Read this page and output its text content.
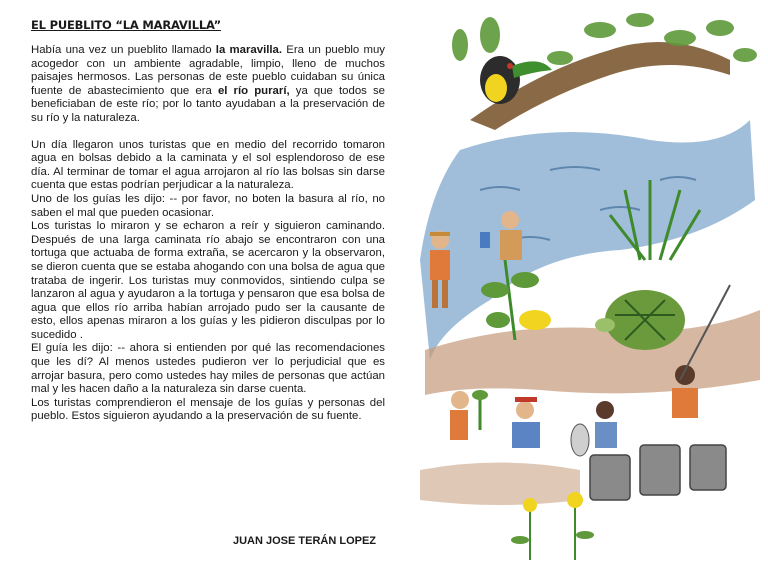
EL PUEBLITO “LA MARAVILLA”

Había una vez un pueblito llamado la maravilla. Era un pueblo muy acogedor con un ambiente agradable, limpio, lleno de muchos paisajes hermosos. Las personas de este pueblo cuidaban su única fuente de abastecimiento que era el río purarí, ya que todos se beneficiaban de este río; por lo tanto ayudaban a la preservación de su río y la naturaleza.

Un día llegaron unos turistas que en medio del recorrido tomaron agua en bolsas debido a la caminata y el sol esplendoroso de ese día. Al terminar de tomar el agua arrojaron al río las bolsas sin darse cuenta que estas podrían perjudicar a la naturaleza.

Uno de los guías les dijo: -- por favor, no boten la basura al río, no saben el mal que pueden ocasionar.

Los turistas lo miraron y se echaron a reír y siguieron caminando. Después de una larga caminata río abajo se encontraron con una tortuga que actuaba de forma extraña, se acercaron y la observaron, se dieron cuenta que se estaba ahogando con una bolsa de agua que trataba de ingerir. Los turistas muy conmovidos, sintiendo culpa se lanzaron al agua y ayudaron a la tortuga y pensaron que esa bolsa de agua que ellos río arriba habían arrojado pudo ser la causante de esto, ellos apenas miraron a los guías y les pidieron disculpas por lo sucedido .

El guía les dijo: -- ahora si entienden por qué las recomendaciones que les dí? Al menos ustedes pudieron ver lo perjudicial que es arrojar basura, pero como ustedes hay miles de personas que actúan mal y les hacen daño a la naturaleza sin darse cuenta.

Los turistas comprendieron el mensaje de los guías y personas del pueblo. Estos siguieron ayudando a la preservación de su fuente.

JUAN JOSE TERÁN LOPEZ
